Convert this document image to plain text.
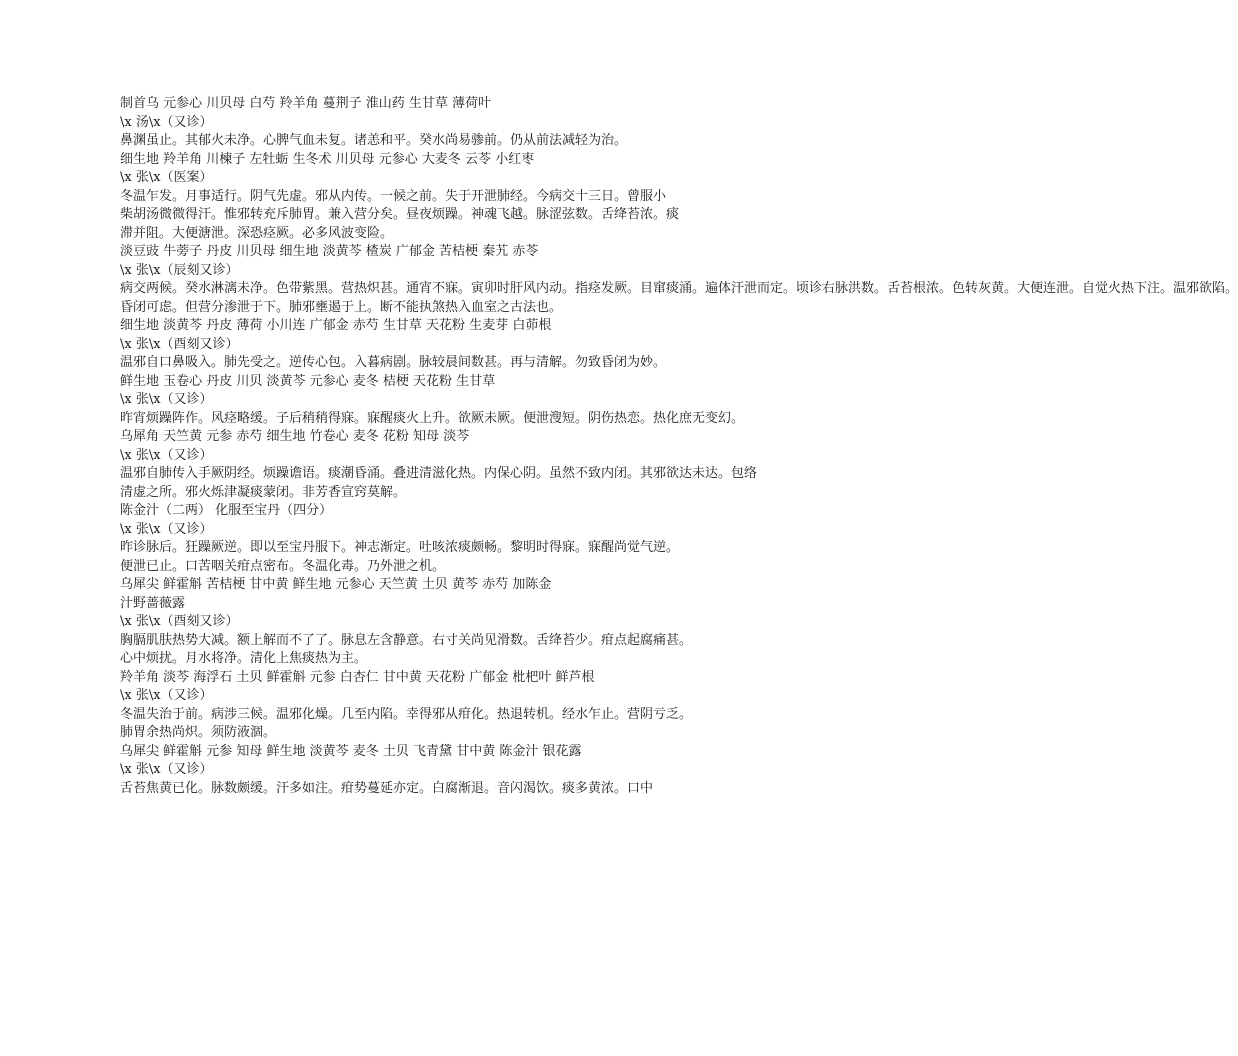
制首乌 元参心 川贝母 白芍 羚羊角 蔓荆子 淮山药 生甘草 薄荷叶
\x 汤\x（又诊）
鼻渊虽止。其郁火未净。心脾气血未复。诸恙和平。癸水尚易骖前。仍从前法减轻为治。
细生地 羚羊角 川楝子 左牡蛎 生冬术 川贝母 元参心 大麦冬 云苓 小红枣
\x 张\x（医案）
冬温乍发。月事适行。阴气先虚。邪从内传。一候之前。失于开泄肺经。今病交十三日。曾服小
柴胡汤微微得汗。惟邪转充斥肺胃。兼入营分矣。昼夜烦躁。神魂飞越。脉涩弦数。舌绛苔浓。痰
滞并阻。大便溏泄。深恐痉厥。必多风波变险。
淡豆豉 牛蒡子 丹皮 川贝母 细生地 淡黄芩 楂炭 广郁金 苦桔梗 秦艽 赤苓
\x 张\x（辰刻又诊）
病交两候。癸水淋漓未净。色带紫黑。营热炽甚。通宵不寐。寅卯时肝风内动。指痉发厥。目窜痰涌。遍体汗泄而定。顷诊右脉洪数。舌苔根浓。色转灰黄。大便连泄。自觉火热下注。温邪欲陷。
昏闭可虑。但营分渗泄于下。肺邪壅遏于上。断不能执煞热入血室之古法也。
细生地 淡黄芩 丹皮 薄荷 小川连 广郁金 赤芍 生甘草 天花粉 生麦芽 白茆根
\x 张\x（酉刻又诊）
温邪自口鼻吸入。肺先受之。逆传心包。入暮病剧。脉较晨间数甚。再与清解。勿致昏闭为妙。
鲜生地 玉卷心 丹皮 川贝 淡黄芩 元参心 麦冬 桔梗 天花粉 生甘草
\x 张\x（又诊）
昨宵烦躁阵作。风痉略缓。子后稍稍得寐。寐醒痰火上升。欲厥未厥。便泄溲短。阴伤热恋。热化庶无变幻。
乌犀角 天竺黄 元参 赤芍 细生地 竹卷心 麦冬 花粉 知母 淡芩
\x 张\x（又诊）
温邪自肺传入手厥阴经。烦躁谵语。痰潮昏涌。叠进清滋化热。内保心阴。虽然不致内闭。其邪欲达未达。包络
清虚之所。邪火烁津凝痰蒙闭。非芳香宣窍莫解。
陈金汁（二两） 化服至宝丹（四分）
\x 张\x（又诊）
昨诊脉后。狂躁厥逆。即以至宝丹服下。神志渐定。吐咳浓痰颇畅。黎明时得寐。寐醒尚觉气逆。
便泄已止。口苦咽关疳点密布。冬温化毒。乃外泄之机。
乌犀尖 鲜霍斛 苦桔梗 甘中黄 鲜生地 元参心 天竺黄 土贝 黄芩 赤芍 加陈金
汁野蔷薇露
\x 张\x（酉刻又诊）
胸膈肌肤热势大减。额上解而不了了。脉息左含静意。右寸关尚见滑数。舌绛苔少。疳点起腐痛甚。
心中烦扰。月水将净。清化上焦痰热为主。
羚羊角 淡芩 海浮石 土贝 鲜霍斛 元参 白杏仁 甘中黄 天花粉 广郁金 枇杷叶 鲜芦根
\x 张\x（又诊）
冬温失治于前。病涉三候。温邪化燥。几至内陷。幸得邪从疳化。热退转机。经水乍止。营阴亏乏。
肺胃余热尚炽。须防液涸。
乌犀尖 鲜霍斛 元参 知母 鲜生地 淡黄芩 麦冬 土贝 飞青黛 甘中黄 陈金汁 银花露
\x 张\x（又诊）
舌苔焦黄已化。脉数颇缓。汗多如注。疳势蔓延亦定。白腐渐退。音闪渴饮。痰多黄浓。口中
